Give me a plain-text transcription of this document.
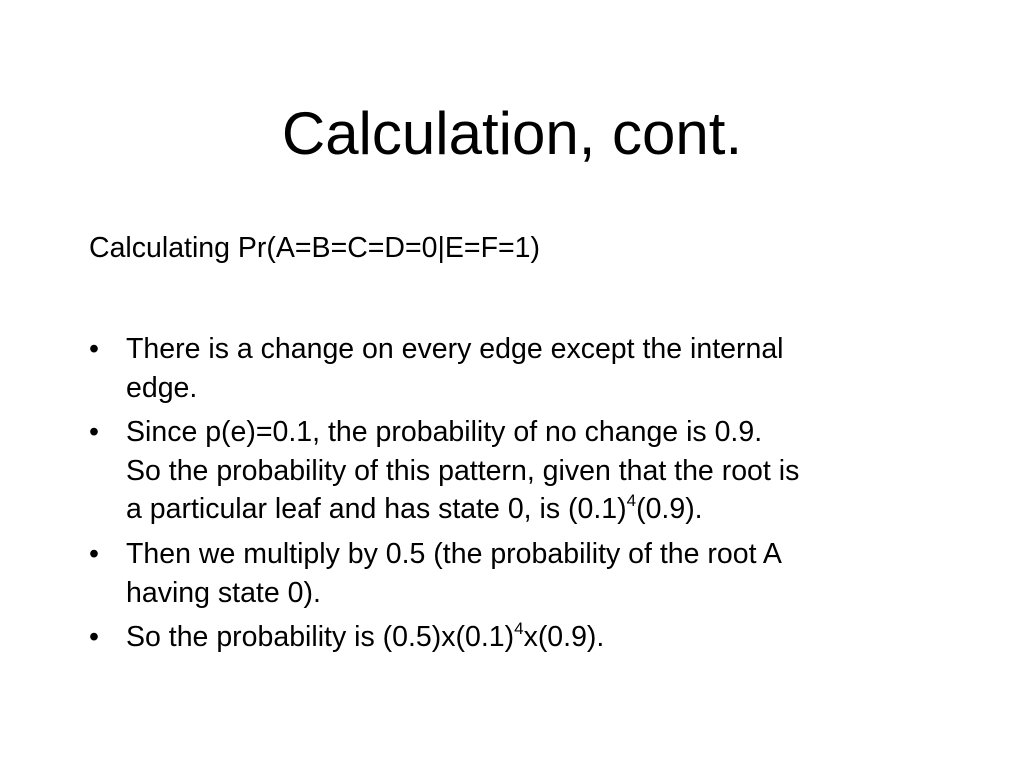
Calculation, cont.

Calculating Pr(A=B=C=D=0|E=F=1)

• There is a change on every edge except the internal
edge.
• Since p(e)=0.1, the probability of no change is 0.9.
So the probability of this pattern, given that the root is
a particular leaf and has state 0, is $(0.1)^4(0.9)$.
• Then we multiply by 0.5 (the probability of the root A
having state 0).
• So the probability is $(0.5)x(0.1)^4x(0.9)$.
